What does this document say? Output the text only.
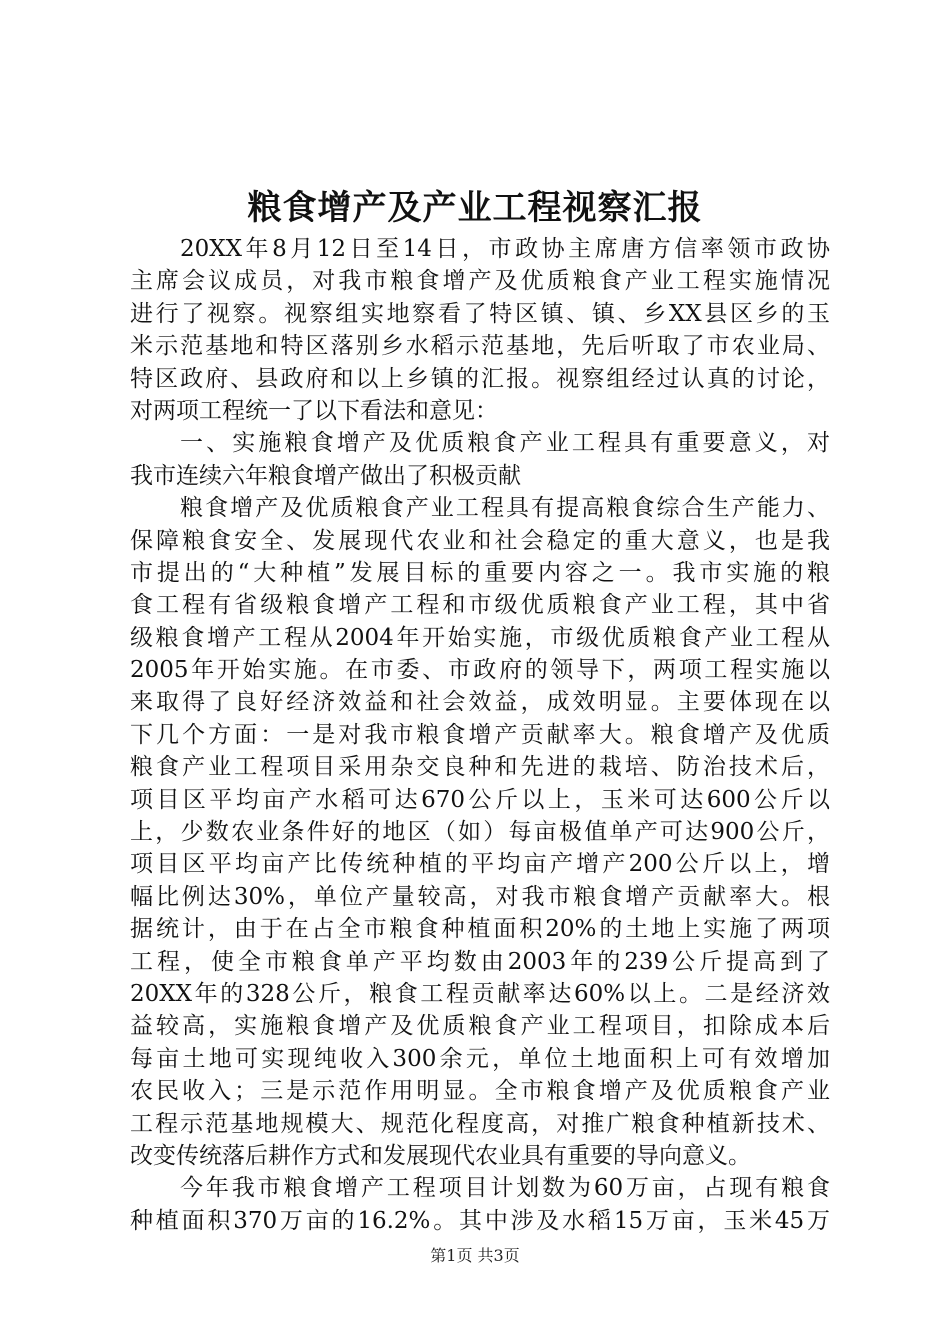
粮食增产及产业工程视察汇报
20XX年8月12日至14日，市政协主席唐方信率领市政协
主席会议成员，对我市粮食增产及优质粮食产业工程实施情况
进行了视察。视察组实地察看了特区镇、镇、乡XX县区乡的玉
米示范基地和特区落别乡水稻示范基地，先后听取了市农业局、
特区政府、县政府和以上乡镇的汇报。视察组经过认真的讨论，
对两项工程统一了以下看法和意见：
一、实施粮食增产及优质粮食产业工程具有重要意义，对
我市连续六年粮食增产做出了积极贡献
粮食增产及优质粮食产业工程具有提高粮食综合生产能力、
保障粮食安全、发展现代农业和社会稳定的重大意义，也是我
市提出的“大种植”发展目标的重要内容之一。我市实施的粮
食工程有省级粮食增产工程和市级优质粮食产业工程，其中省
级粮食增产工程从2004年开始实施，市级优质粮食产业工程从
2005年开始实施。在市委、市政府的领导下，两项工程实施以
来取得了良好经济效益和社会效益，成效明显。主要体现在以
下几个方面：一是对我市粮食增产贡献率大。粮食增产及优质
粮食产业工程项目采用杂交良种和先进的栽培、防治技术后，
项目区平均亩产水稻可达670公斤以上，玉米可达600公斤以
上，少数农业条件好的地区（如）每亩极值单产可达900公斤，
项目区平均亩产比传统种植的平均亩产增产200公斤以上，增
幅比例达30%，单位产量较高，对我市粮食增产贡献率大。根
据统计，由于在占全市粮食种植面积20%的土地上实施了两项
工程，使全市粮食单产平均数由2003年的239公斤提高到了
20XX年的328公斤，粮食工程贡献率达60%以上。二是经济效
益较高，实施粮食增产及优质粮食产业工程项目，扣除成本后
每亩土地可实现纯收入300余元，单位土地面积上可有效增加
农民收入；三是示范作用明显。全市粮食增产及优质粮食产业
工程示范基地规模大、规范化程度高，对推广粮食种植新技术、
改变传统落后耕作方式和发展现代农业具有重要的导向意义。
今年我市粮食增产工程项目计划数为60万亩，占现有粮食
种植面积370万亩的16.2%。其中涉及水稻15万亩，玉米45万
第1页 共3页
